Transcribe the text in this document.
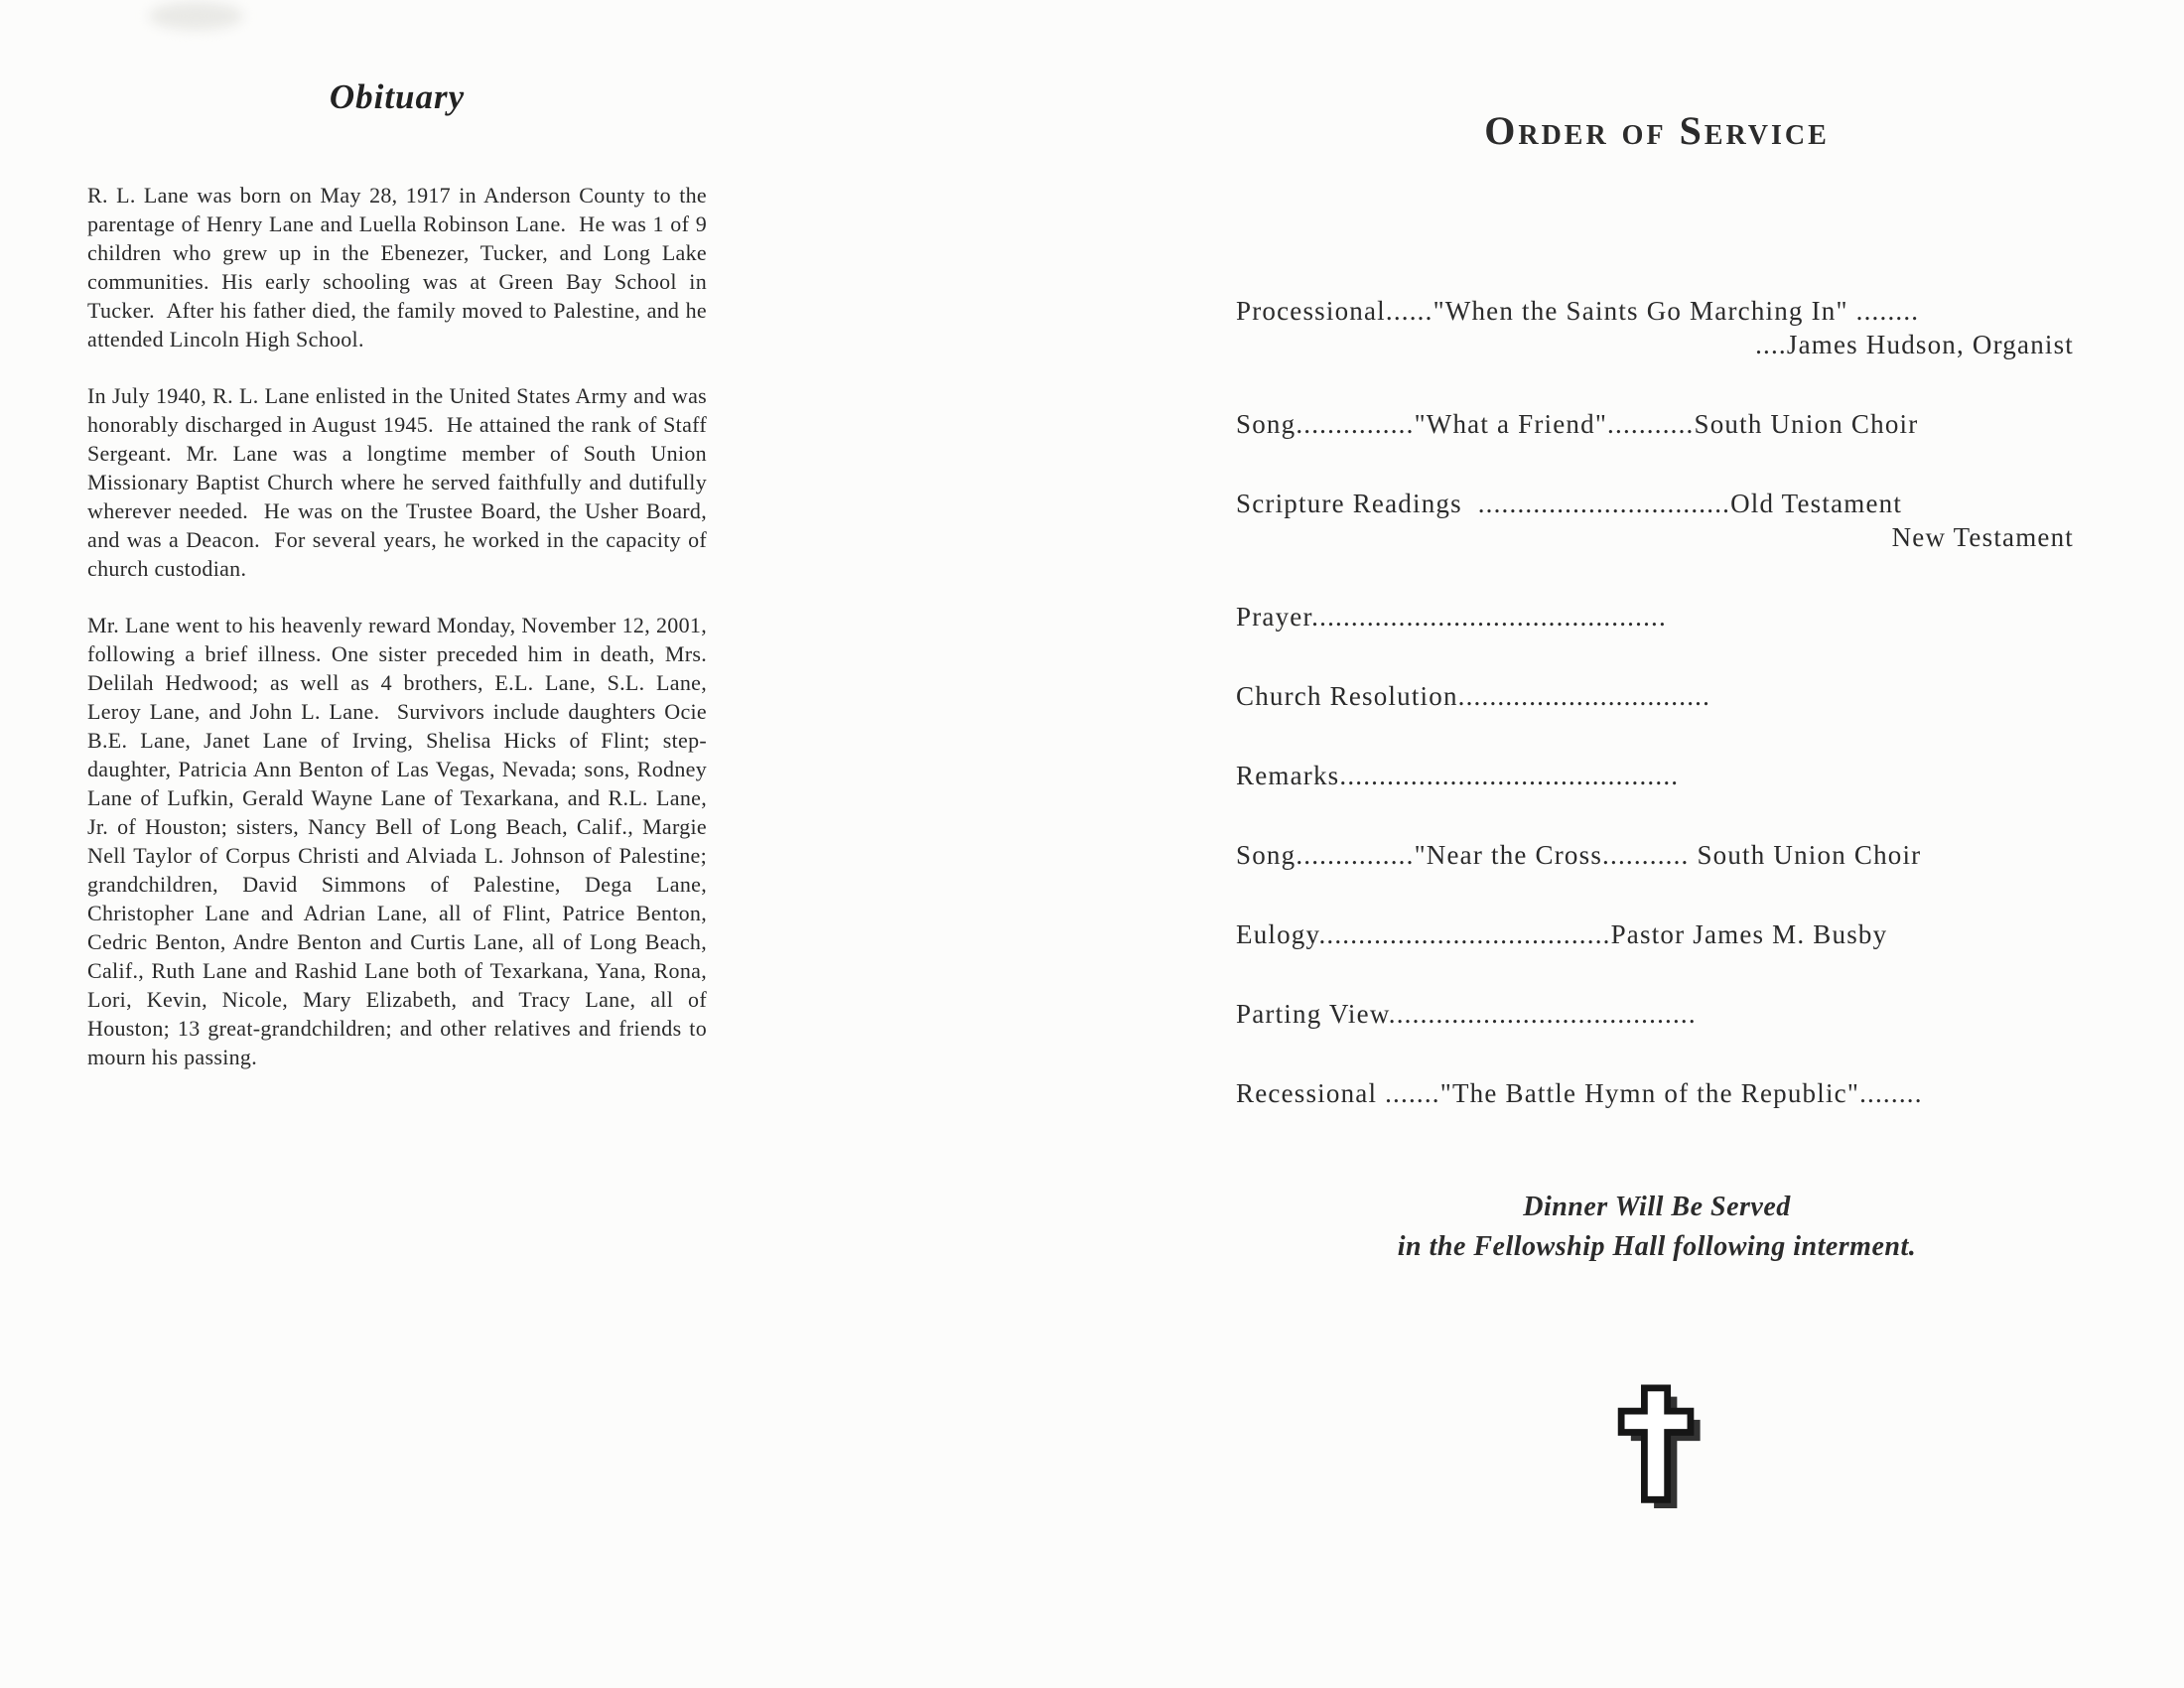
Obituary

R. L. Lane was born on May 28, 1917 in Anderson County to the parentage of Henry Lane and Luella Robinson Lane.  He was 1 of 9 children who grew up in the Ebenezer, Tucker, and Long Lake communities. His early schooling was at Green Bay School in Tucker.  After his father died, the family moved to Palestine, and he attended Lincoln High School.

In July 1940, R. L. Lane enlisted in the United States Army and was honorably discharged in August 1945.  He attained the rank of Staff Sergeant. Mr. Lane was a longtime member of South Union Missionary Baptist Church where he served faithfully and dutifully wherever needed.  He was on the Trustee Board, the Usher Board, and was a Deacon.  For several years, he worked in the capacity of church custodian.

Mr. Lane went to his heavenly reward Monday, November 12, 2001, following a brief illness. One sister preceded him in death, Mrs. Delilah Hedwood; as well as 4 brothers, E.L. Lane, S.L. Lane, Leroy Lane, and John L. Lane.  Survivors include daughters Ocie B.E. Lane, Janet Lane of Irving, Shelisa Hicks of Flint; step-daughter, Patricia Ann Benton of Las Vegas, Nevada; sons, Rodney Lane of Lufkin, Gerald Wayne Lane of Texarkana, and R.L. Lane, Jr. of Houston; sisters, Nancy Bell of Long Beach, Calif., Margie Nell Taylor of Corpus Christi and Alviada L. Johnson of Palestine; grandchildren, David Simmons of Palestine, Dega Lane, Christopher Lane and Adrian Lane, all of Flint, Patrice Benton, Cedric Benton, Andre Benton and Curtis Lane, all of Long Beach, Calif., Ruth Lane and Rashid Lane both of Texarkana, Yana, Rona, Lori, Kevin, Nicole, Mary Elizabeth, and Tracy Lane, all of Houston; 13 great-grandchildren; and other relatives and friends to mourn his passing.

Order of Service
Processional......"When the Saints Go Marching In" ........
....James Hudson, Organist
Song..............."What a Friend"...........South Union Choir
Scripture Readings  ................................Old Testament
New Testament
Prayer.............................................
Church Resolution................................
Remarks...........................................
Song..............."Near the Cross........... South Union Choir
Eulogy.....................................Pastor James M. Busby
Parting View.......................................
Recessional ......."The Battle Hymn of the Republic"........
Dinner Will Be Served
in the Fellowship Hall following interment.
